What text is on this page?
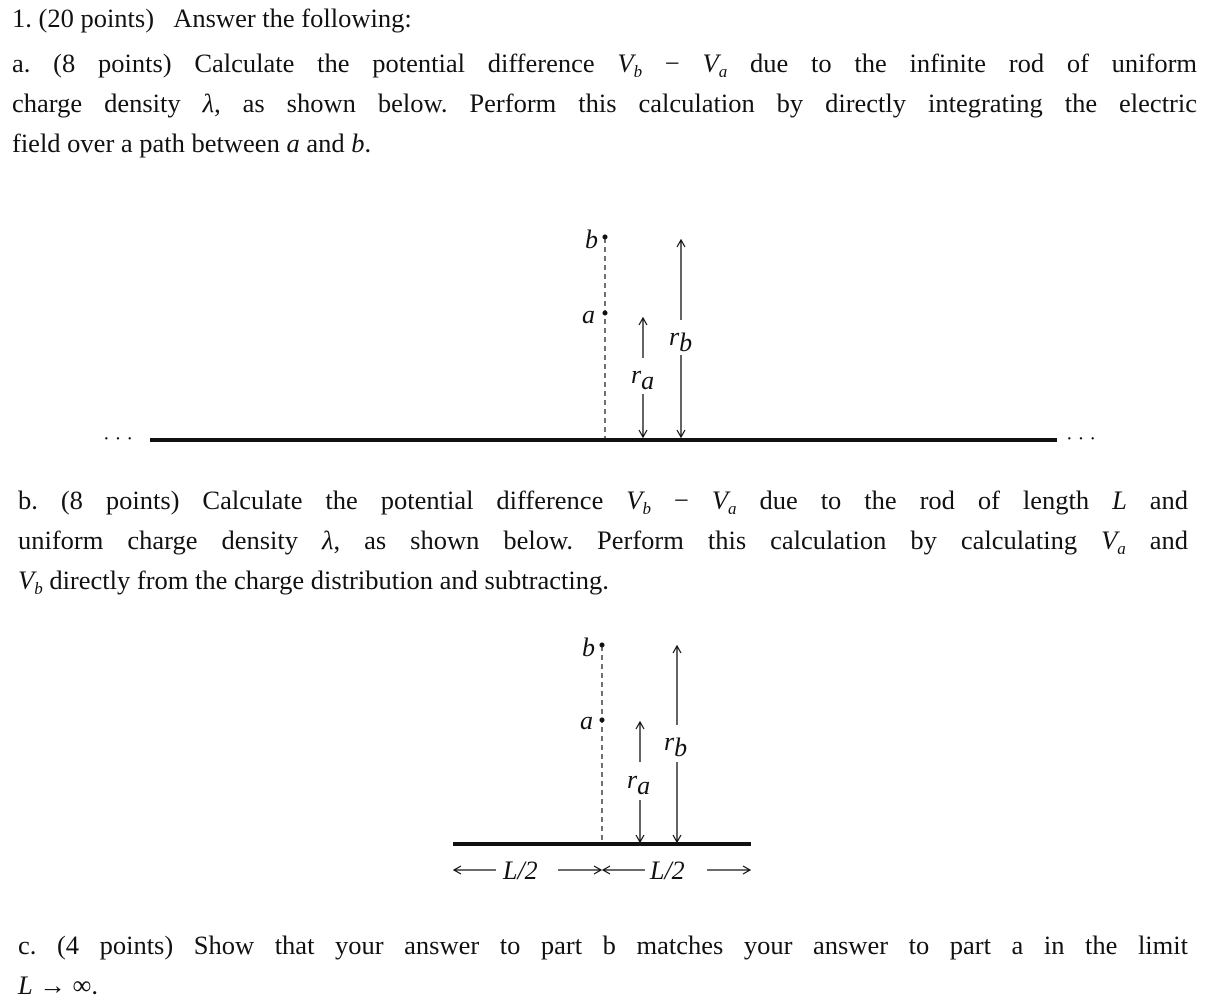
1. (20 points) Answer the following:
a. (8 points) Calculate the potential difference $V_b - V_a$ due to the infinite rod of uniform
charge density λ, as shown below. Perform this calculation by directly integrating the electric
field over a path between a and b.
· · ·	· · ·
b
a
ra
rb
b
a
ra
rb
L/2	L/2
b. (8 points) Calculate the potential difference $V_b - V_a$ due to the rod of length L and
uniform charge density λ, as shown below. Perform this calculation by calculating $V_a$ and
$V_b$ directly from the charge distribution and subtracting.
c. (4 points) Show that your answer to part b matches your answer to part a in the limit
L → ∞.
